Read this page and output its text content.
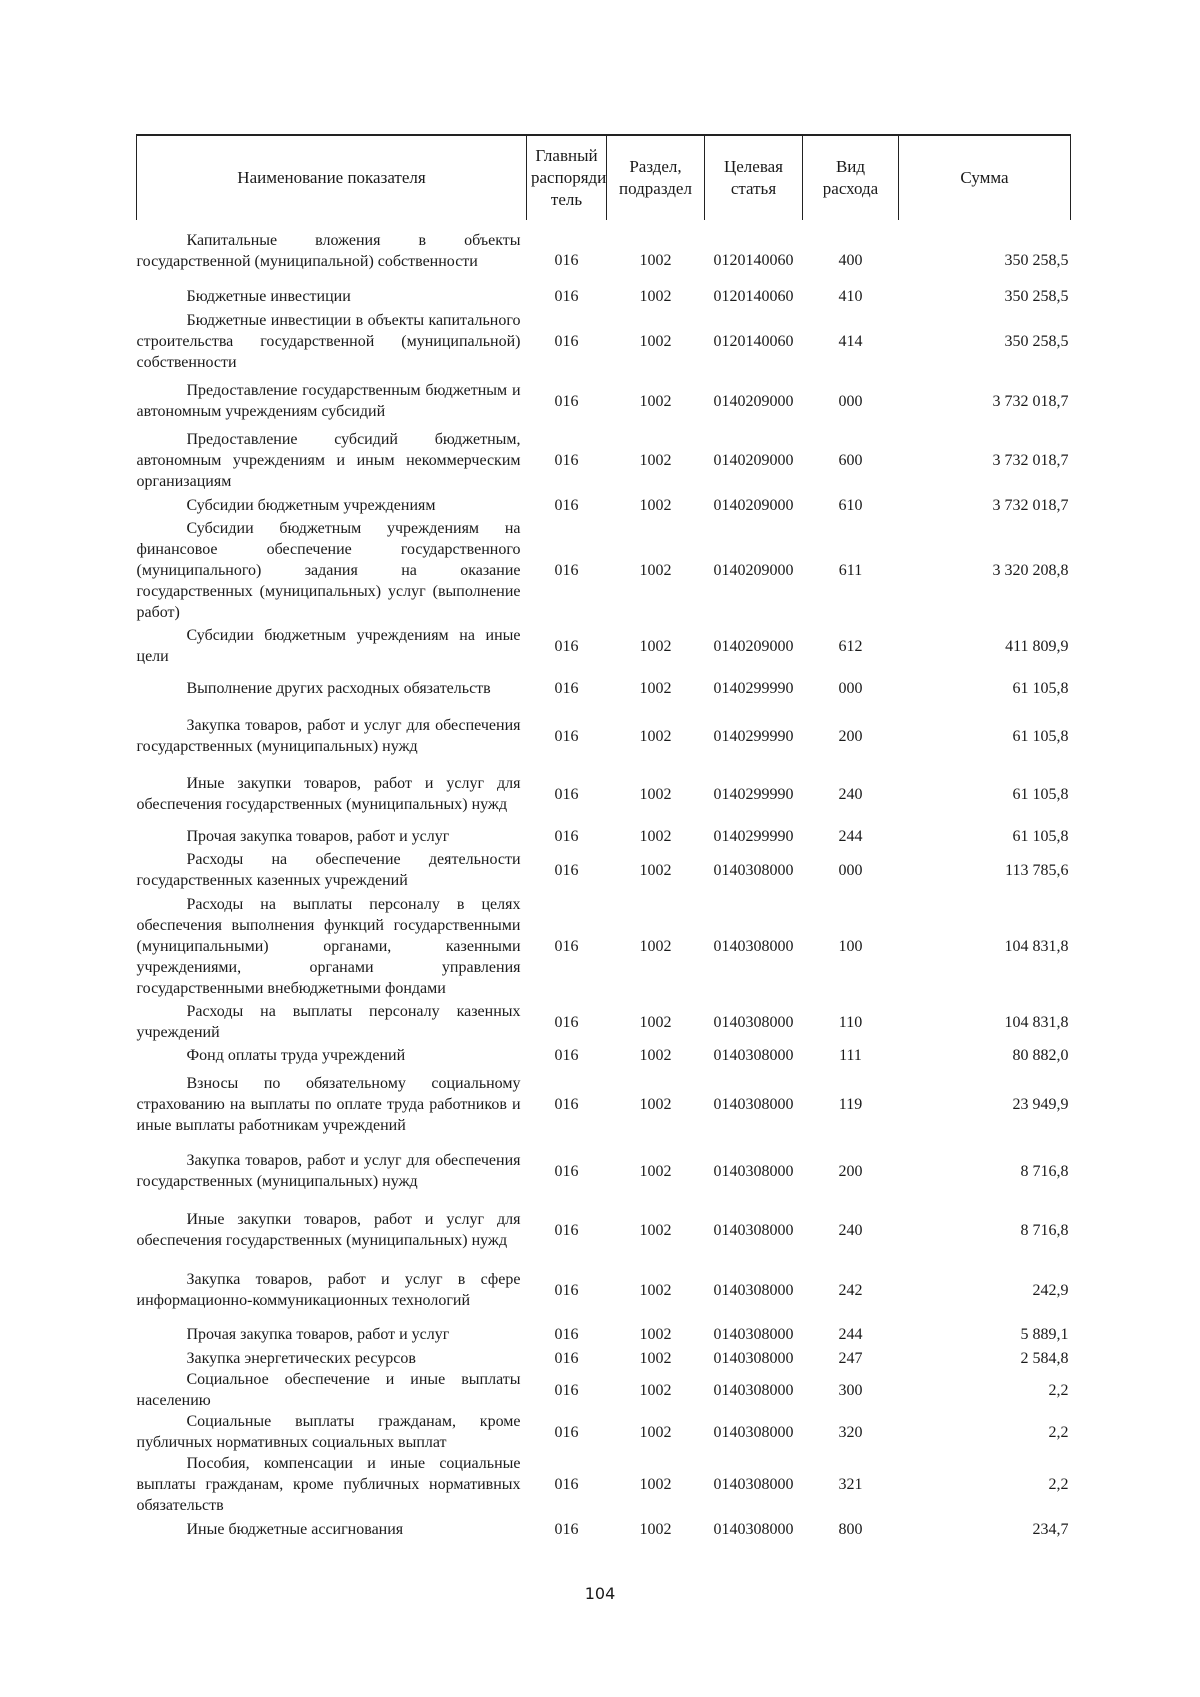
Наименование показателя	Главный распоряди тель	Раздел, подраздел	Целевая статья	Вид расхода	Сумма
Капитальные вложения в объекты государственной (муниципальной) собственности	016	1002	0120140060	400	350 258,5
Бюджетные инвестиции	016	1002	0120140060	410	350 258,5
Бюджетные инвестиции в объекты капитального строительства государственной (муниципальной) собственности	016	1002	0120140060	414	350 258,5
Предоставление государственным бюджетным и автономным учреждениям субсидий	016	1002	0140209000	000	3 732 018,7
Предоставление субсидий бюджетным, автономным учреждениям и иным некоммерческим организациям	016	1002	0140209000	600	3 732 018,7
Субсидии бюджетным учреждениям	016	1002	0140209000	610	3 732 018,7
Субсидии бюджетным учреждениям на финансовое обеспечение государственного (муниципального) задания на оказание государственных (муниципальных) услуг (выполнение работ)	016	1002	0140209000	611	3 320 208,8
Субсидии бюджетным учреждениям на иные цели	016	1002	0140209000	612	411 809,9
Выполнение других расходных обязательств	016	1002	0140299990	000	61 105,8
Закупка товаров, работ и услуг для обеспечения государственных (муниципальных) нужд	016	1002	0140299990	200	61 105,8
Иные закупки товаров, работ и услуг для обеспечения государственных (муниципальных) нужд	016	1002	0140299990	240	61 105,8
Прочая закупка товаров, работ и услуг	016	1002	0140299990	244	61 105,8
Расходы на обеспечение деятельности государственных казенных учреждений	016	1002	0140308000	000	113 785,6
Расходы на выплаты персоналу в целях обеспечения выполнения функций государственными (муниципальными) органами, казенными учреждениями, органами управления государственными внебюджетными фондами	016	1002	0140308000	100	104 831,8
Расходы на выплаты персоналу казенных учреждений	016	1002	0140308000	110	104 831,8
Фонд оплаты труда учреждений	016	1002	0140308000	111	80 882,0
Взносы по обязательному социальному страхованию на выплаты по оплате труда работников и иные выплаты работникам учреждений	016	1002	0140308000	119	23 949,9
Закупка товаров, работ и услуг для обеспечения государственных (муниципальных) нужд	016	1002	0140308000	200	8 716,8
Иные закупки товаров, работ и услуг для обеспечения государственных (муниципальных) нужд	016	1002	0140308000	240	8 716,8
Закупка товаров, работ и услуг в сфере информационно-коммуникационных технологий	016	1002	0140308000	242	242,9
Прочая закупка товаров, работ и услуг	016	1002	0140308000	244	5 889,1
Закупка энергетических ресурсов	016	1002	0140308000	247	2 584,8
Социальное обеспечение и иные выплаты населению	016	1002	0140308000	300	2,2
Социальные выплаты гражданам, кроме публичных нормативных социальных выплат	016	1002	0140308000	320	2,2
Пособия, компенсации и иные социальные выплаты гражданам, кроме публичных нормативных обязательств	016	1002	0140308000	321	2,2
Иные бюджетные ассигнования	016	1002	0140308000	800	234,7
104
